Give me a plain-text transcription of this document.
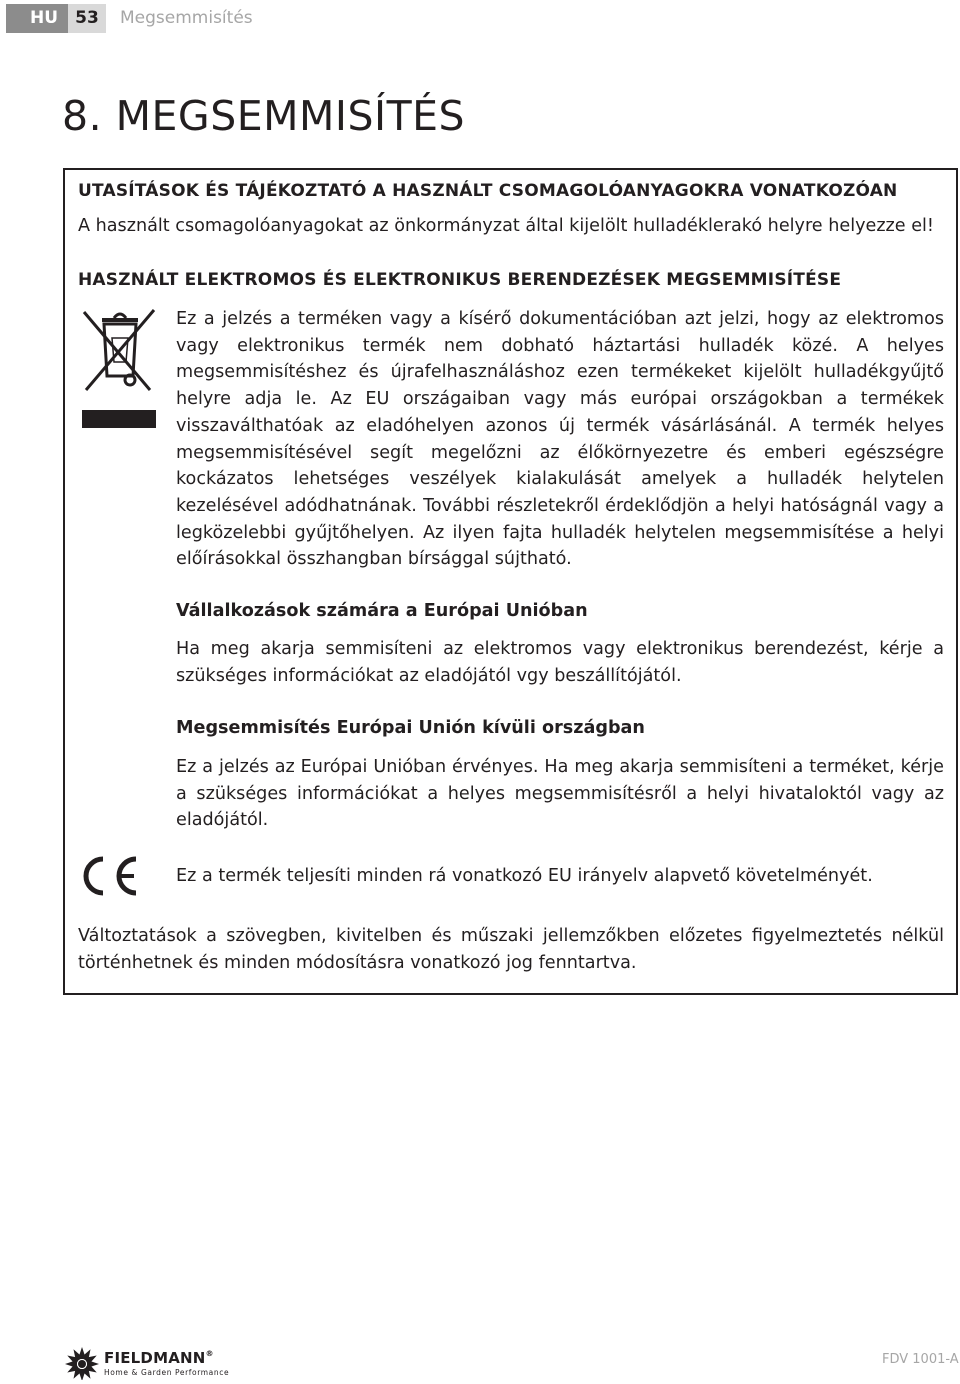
HU	53	Megsemmisítés
8. MEGSEMMISÍTÉS
UTASÍTÁSOK ÉS TÁJÉKOZTATÓ A HASZNÁLT CSOMAGOLÓANYAGOKRA VONATKOZÓAN
A használt csomagolóanyagokat az önkormányzat által kijelölt hulladéklerakó helyre helyezze el!
HASZNÁLT ELEKTROMOS ÉS ELEKTRONIKUS BERENDEZÉSEK MEGSEMMISÍTÉSE

Ez a jelzés a terméken vagy a kísérő dokumentációban azt jelzi, hogy az elektromos vagy elektronikus termék nem dobható háztartási hulladék közé. A helyes megsemmisítéshez és újrafelhasználáshoz ezen termékeket kijelölt hulladékgyűjtő helyre adja le. Az EU országaiban vagy más európai országokban a termékek visszaválthatóak az eladóhelyen azonos új termék vásárlásánál. A termék helyes megsemmisítésével segít megelőzni az élőkörnyezetre és emberi egészségre kockázatos lehetséges veszélyek kialakulását amelyek a hulladék helytelen kezelésével adódhatnának. További részletekről érdeklődjön a helyi hatóságnál vagy a legközelebbi gyűjtőhelyen. Az ilyen fajta hulladék helytelen megsemmisítése a helyi előírásokkal összhangban bírsággal sújtható.

Vállalkozások számára a Európai Unióban

Ha meg akarja semmisíteni az elektromos vagy elektronikus berendezést, kérje a szükséges információkat az eladójától vgy beszállítójától.

Megsemmisítés Európai Unión kívüli országban

Ez a jelzés az Európai Unióban érvényes. Ha meg akarja semmisíteni a terméket, kérje a szükséges információkat a helyes megsemmisítésről a helyi hivataloktól vagy az eladójától.

Ez a termék teljesíti minden rá vonatkozó EU irányelv alapvető követelményét.

Változtatások a szövegben, kivitelben és műszaki jellemzőkben előzetes figyelmeztetés nélkül történhetnek és minden módosításra vonatkozó jog fenntartva.

FIELDMANN®
Home & Garden Performance
FDV 1001-A
